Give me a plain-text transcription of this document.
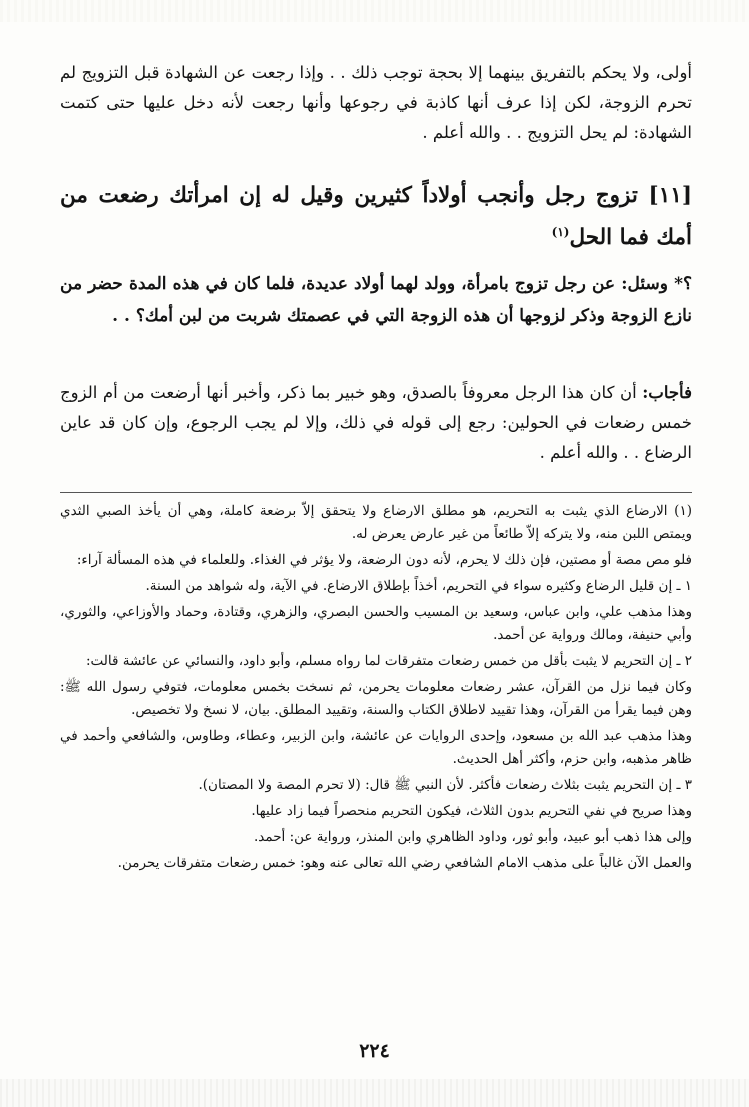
أولى، ولا يحكم بالتفريق بينهما إلا بحجة توجب ذلك . . وإذا رجعت عن الشهادة قبل التزويج لم تحرم الزوجة، لكن إذا عرف أنها كاذبة في رجوعها وأنها رجعت لأنه دخل عليها حتى كتمت الشهادة: لم يحل التزويج . . والله أعلم .

[١١] تزوج رجل وأنجب أولاداً كثيرين وقيل له إن امرأتك رضعت من أمك فما الحل$^{(١)}$

؟* وسئل: عن رجل تزوج بامرأة، وولد لهما أولاد عديدة، فلما كان في هذه المدة حضر من نازع الزوجة وذكر لزوجها أن هذه الزوجة التي في عصمتك شربت من لبن أمك؟ . .

فأجاب: أن كان هذا الرجل معروفاً بالصدق، وهو خبير بما ذكر، وأخبر أنها أرضعت من أم الزوج خمس رضعات في الحولين: رجع إلى قوله في ذلك، وإلا لم يجب الرجوع، وإن كان قد عاين الرضاع . . والله أعلم .

(١) الارضاع الذي يثبت به التحريم، هو مطلق الارضاع ولا يتحقق إلاّ برضعة كاملة، وهي أن يأخذ الصبي الثدي ويمتص اللبن منه، ولا يتركه إلاّ طائعاً من غير عارض يعرض له.

فلو مص مصة أو مصتين، فإن ذلك لا يحرم، لأنه دون الرضعة، ولا يؤثر في الغذاء. وللعلماء في هذه المسألة آراء:

١ ـ إن قليل الرضاع وكثيره سواء في التحريم، أخذاً بإطلاق الارضاع. في الآية، وله شواهد من السنة.

وهذا مذهب علي، وابن عباس، وسعيد بن المسيب والحسن البصري، والزهري، وقتادة، وحماد والأوزاعي، والثوري، وأبي حنيفة، ومالك ورواية عن أحمد.

٢ ـ إن التحريم لا يثبت بأقل من خمس رضعات متفرقات لما رواه مسلم، وأبو داود، والنسائي عن عائشة قالت:

وكان فيما نزل من القرآن، عشر رضعات معلومات يحرمن، ثم نسخت بخمس معلومات، فتوفي رسول الله ﷺ: وهن فيما يقرأ من القرآن، وهذا تقييد لاطلاق الكتاب والسنة، وتقييد المطلق. بيان، لا نسخ ولا تخصيص.

وهذا مذهب عبد الله بن مسعود، وإحدى الروايات عن عائشة، وابن الزبير، وعطاء، وطاوس، والشافعي وأحمد في ظاهر مذهبه، وابن حزم، وأكثر أهل الحديث.

٣ ـ إن التحريم يثبت بثلاث رضعات فأكثر. لأن النبي ﷺ قال: (لا تحرم المصة ولا المصتان).

وهذا صريح في نفي التحريم بدون الثلاث، فيكون التحريم منحصراً فيما زاد عليها.

وإلى هذا ذهب أبو عبيد، وأبو ثور، وداود الظاهري وابن المنذر، ورواية عن: أحمد.

والعمل الآن غالباً على مذهب الامام الشافعي رضي الله تعالى عنه وهو: خمس رضعات متفرقات يحرمن.

٢٢٤
